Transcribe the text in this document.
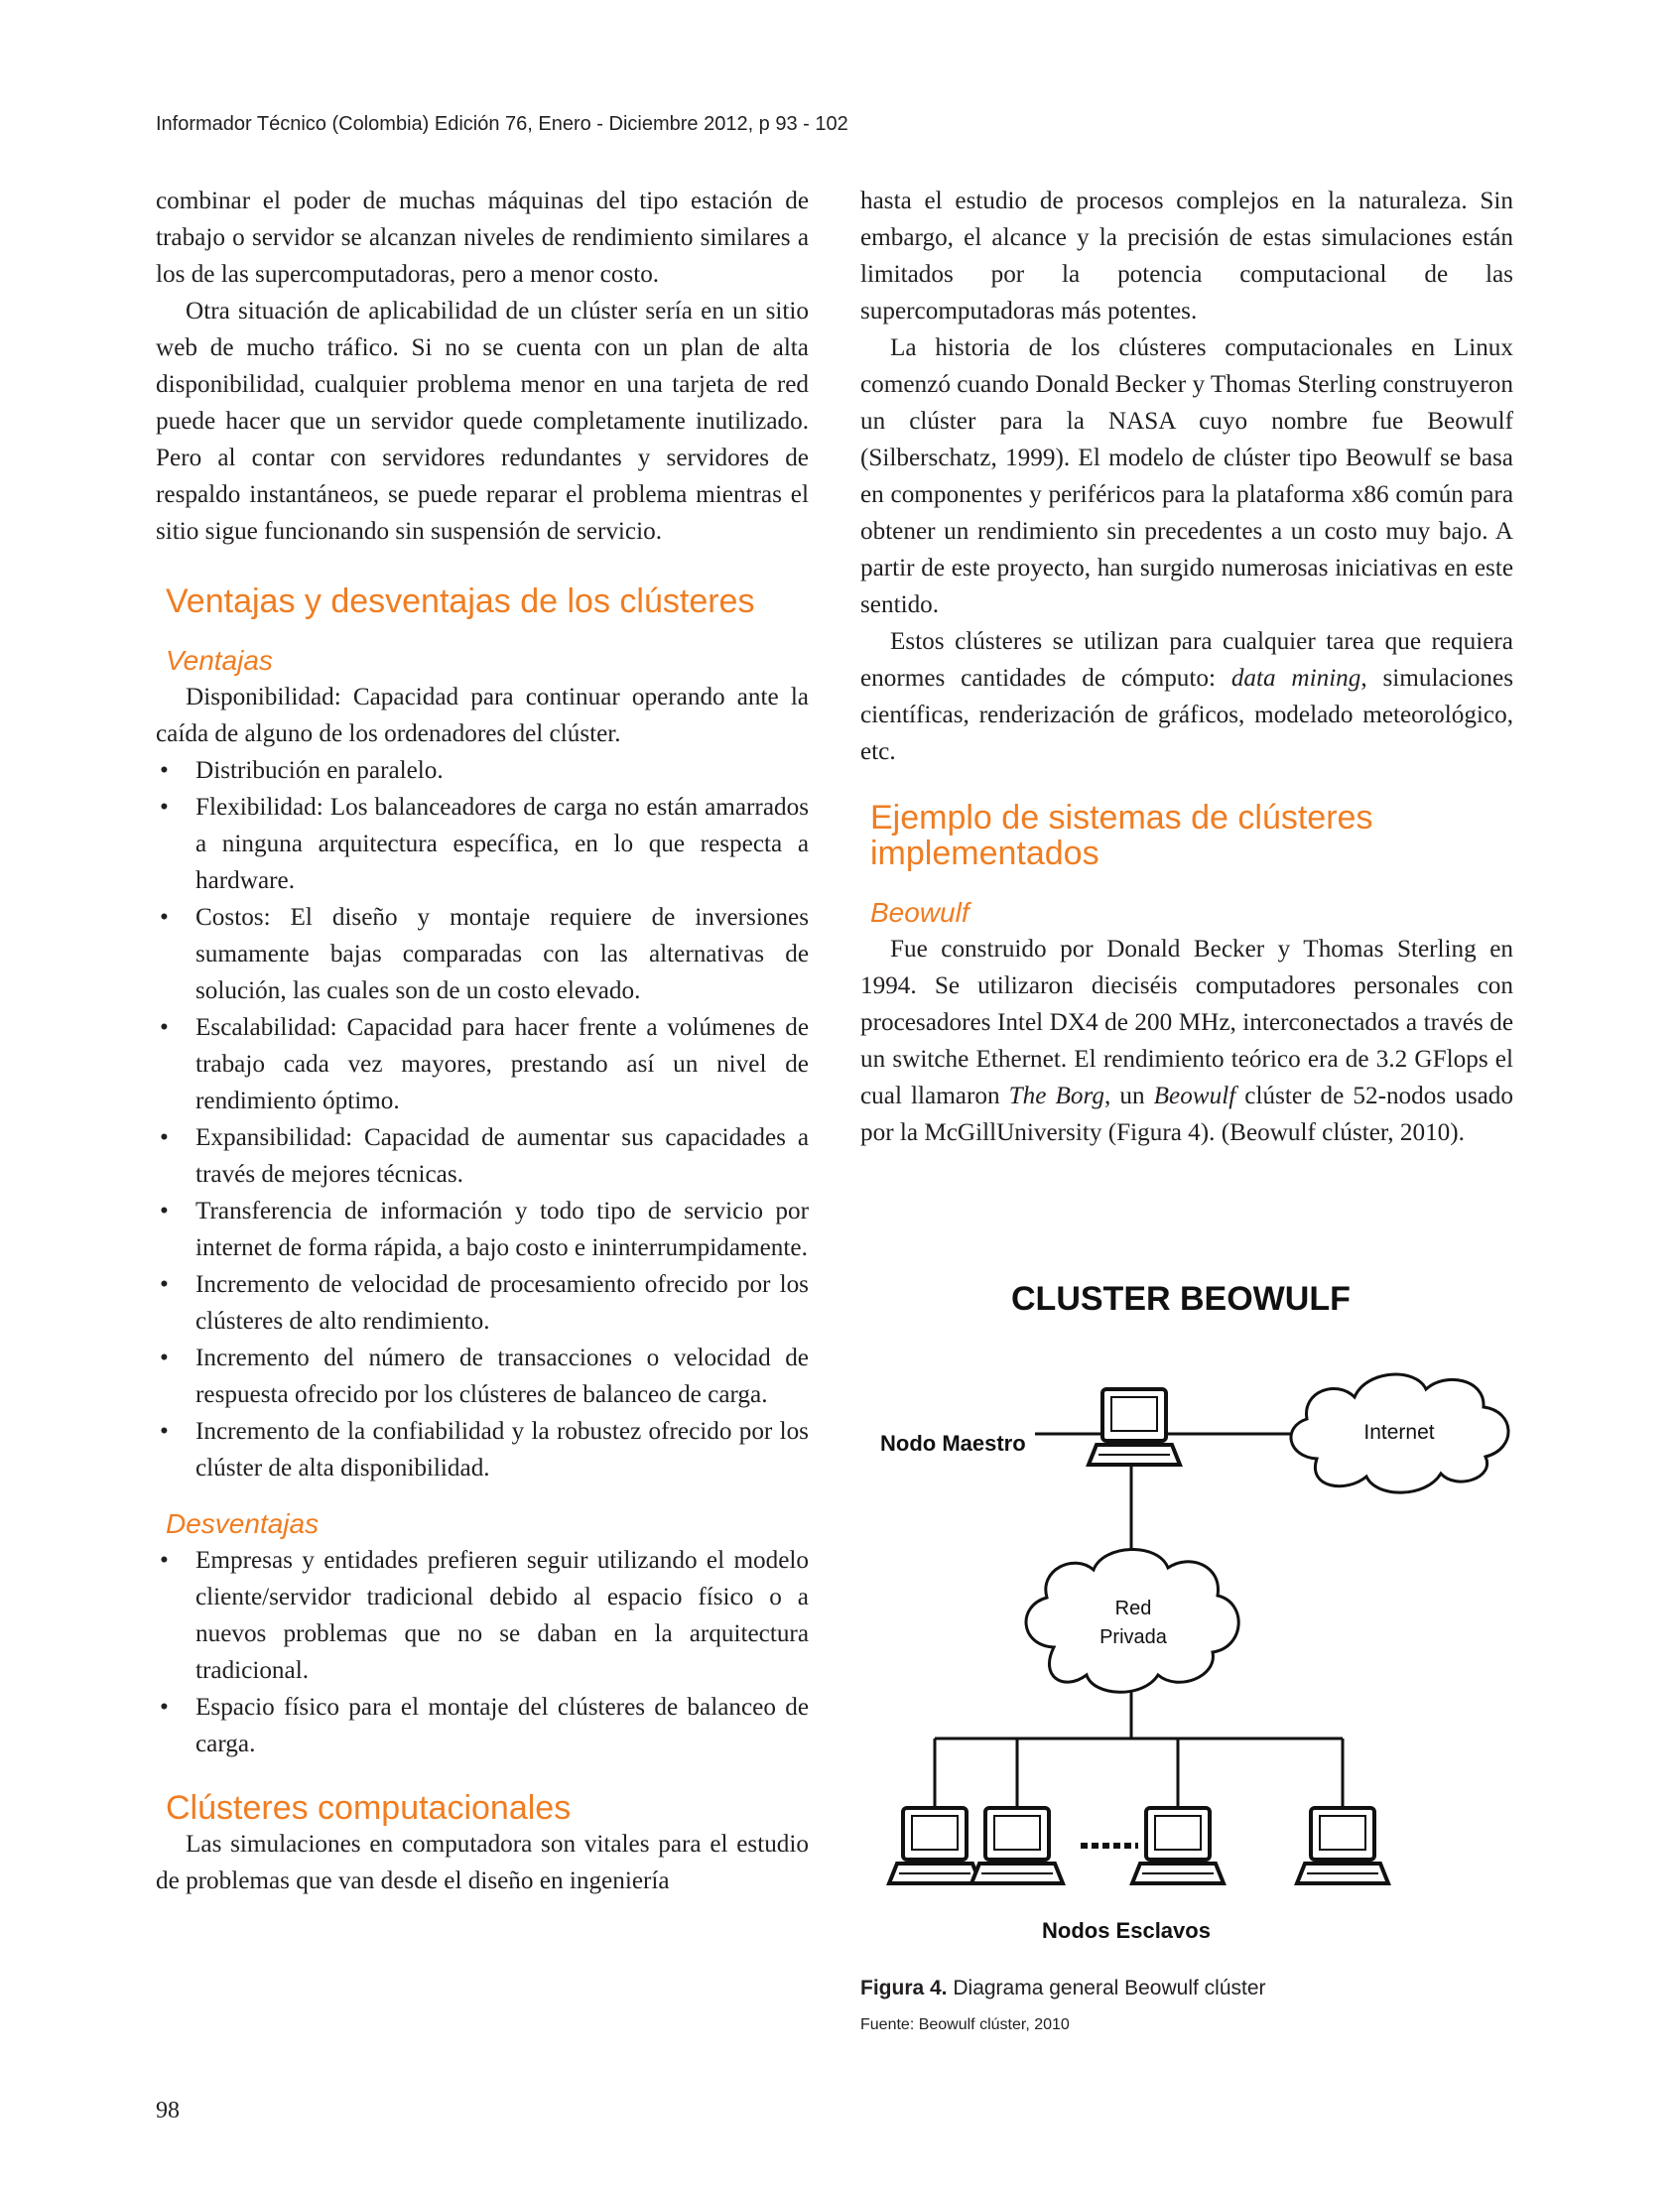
Informador Técnico (Colombia) Edición 76, Enero - Diciembre 2012, p 93 - 102

combinar el poder de muchas máquinas del tipo estación de trabajo o servidor se alcanzan niveles de rendimiento similares a los de las supercomputadoras, pero a menor costo.

Otra situación de aplicabilidad de un clúster sería en un sitio web de mucho tráfico. Si no se cuenta con un plan de alta disponibilidad, cualquier problema menor en una tarjeta de red puede hacer que un servidor quede completamente inutilizado. Pero al contar con servidores redundantes y servidores de respaldo instantáneos, se puede reparar el problema mientras el sitio sigue funcionando sin suspensión de servicio.

Ventajas y desventajas de los clústeres
Ventajas

Disponibilidad: Capacidad para continuar operando ante la caída de alguno de los ordenadores del clúster.

• Distribución en paralelo.
• Flexibilidad: Los balanceadores de carga no están amarrados a ninguna arquitectura específica, en lo que respecta a hardware.
• Costos: El diseño y montaje requiere de inversiones sumamente bajas comparadas con las alternativas de solución, las cuales son de un costo elevado.
• Escalabilidad: Capacidad para hacer frente a volúmenes de trabajo cada vez mayores, prestando así un nivel de rendimiento óptimo.
• Expansibilidad: Capacidad de aumentar sus capacidades a través de mejores técnicas.
• Transferencia de información y todo tipo de servicio por internet de forma rápida, a bajo costo e ininterrumpidamente.
• Incremento de velocidad de procesamiento ofrecido por los clústeres de alto rendimiento.
• Incremento del número de transacciones o velocidad de respuesta ofrecido por los clústeres de balanceo de carga.
• Incremento de la confiabilidad y la robustez ofrecido por los clúster de alta disponibilidad.
Desventajas
• Empresas y entidades prefieren seguir utilizando el modelo cliente/servidor tradicional debido al espacio físico o a nuevos problemas que no se daban en la arquitectura tradicional.
• Espacio físico para el montaje del clústeres de balanceo de carga.
Clústeres computacionales

Las simulaciones en computadora son vitales para el estudio de problemas que van desde el diseño en ingeniería

hasta el estudio de procesos complejos en la naturaleza. Sin embargo, el alcance y la precisión de estas simulaciones están limitados por la potencia computacional de las supercomputadoras más potentes.

La historia de los clústeres computacionales en Linux comenzó cuando Donald Becker y Thomas Sterling construyeron un clúster para la NASA cuyo nombre fue Beowulf (Silberschatz, 1999). El modelo de clúster tipo Beowulf se basa en componentes y periféricos para la plataforma x86 común para obtener un rendimiento sin precedentes a un costo muy bajo. A partir de este proyecto, han surgido numerosas iniciativas en este sentido.

Estos clústeres se utilizan para cualquier tarea que requiera enormes cantidades de cómputo: data mining, simulaciones científicas, renderización de gráficos, modelado meteorológico, etc.

Ejemplo de sistemas de clústeres implementados
Beowulf

Fue construido por Donald Becker y Thomas Sterling en 1994. Se utilizaron dieciséis computadores personales con procesadores Intel DX4 de 200 MHz, interconectados a través de un switche Ethernet. El rendimiento teórico era de 3.2 GFlops el cual llamaron The Borg, un Beowulf clúster de 52-nodos usado por la McGillUniversity (Figura 4). (Beowulf clúster, 2010).

CLUSTER BEOWULF
Nodo Maestro	Internet
Red
Privada
Nodos Esclavos
Figura 4. Diagrama general Beowulf clúster
Fuente: Beowulf clúster, 2010
98
